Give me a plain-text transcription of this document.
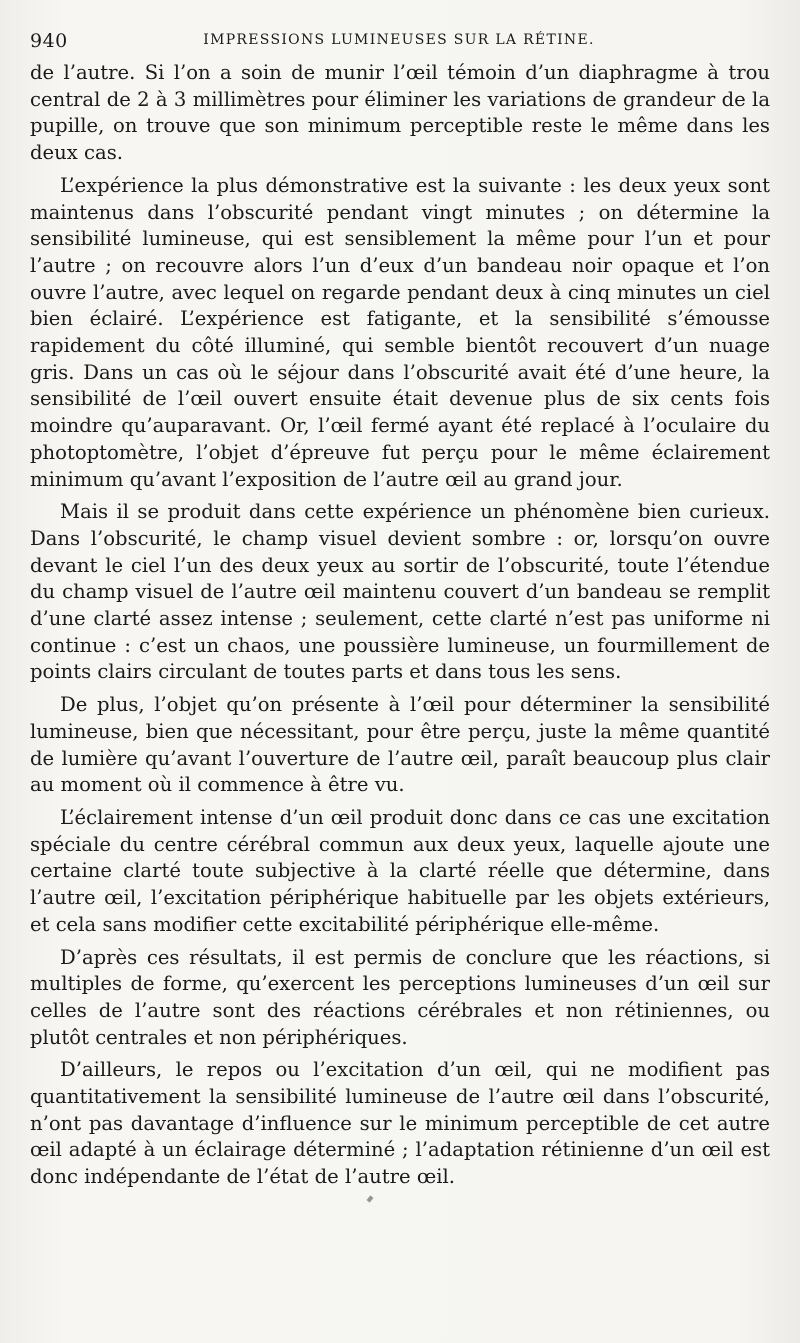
940	IMPRESSIONS LUMINEUSES SUR LA RÉTINE.

de l’autre. Si l’on a soin de munir l’œil témoin d’un diaphragme à trou central de 2 à 3 millimètres pour éliminer les variations de grandeur de la pupille, on trouve que son minimum perceptible reste le même dans les deux cas.

L’expérience la plus démonstrative est la suivante : les deux yeux sont maintenus dans l’obscurité pendant vingt minutes ; on détermine la sensibilité lumineuse, qui est sensiblement la même pour l’un et pour l’autre ; on recouvre alors l’un d’eux d’un bandeau noir opaque et l’on ouvre l’autre, avec lequel on regarde pendant deux à cinq minutes un ciel bien éclairé. L’expérience est fatigante, et la sensibilité s’émousse rapidement du côté illuminé, qui semble bientôt recouvert d’un nuage gris. Dans un cas où le séjour dans l’obscurité avait été d’une heure, la sensibilité de l’œil ouvert ensuite était devenue plus de six cents fois moindre qu’auparavant. Or, l’œil fermé ayant été replacé à l’oculaire du photoptomètre, l’objet d’épreuve fut perçu pour le même éclairement minimum qu’avant l’exposition de l’autre œil au grand jour.

Mais il se produit dans cette expérience un phénomène bien curieux. Dans l’obscurité, le champ visuel devient sombre : or, lorsqu’on ouvre devant le ciel l’un des deux yeux au sortir de l’obscurité, toute l’étendue du champ visuel de l’autre œil maintenu couvert d’un bandeau se remplit d’une clarté assez intense ; seulement, cette clarté n’est pas uniforme ni continue : c’est un chaos, une poussière lumineuse, un fourmillement de points clairs circulant de toutes parts et dans tous les sens.

De plus, l’objet qu’on présente à l’œil pour déterminer la sensibilité lumineuse, bien que nécessitant, pour être perçu, juste la même quantité de lumière qu’avant l’ouverture de l’autre œil, paraît beaucoup plus clair au moment où il commence à être vu.

L’éclairement intense d’un œil produit donc dans ce cas une excitation spéciale du centre cérébral commun aux deux yeux, laquelle ajoute une certaine clarté toute subjective à la clarté réelle que détermine, dans l’autre œil, l’excitation périphérique habituelle par les objets extérieurs, et cela sans modifier cette excitabilité périphérique elle-même.

D’après ces résultats, il est permis de conclure que les réactions, si multiples de forme, qu’exercent les perceptions lumineuses d’un œil sur celles de l’autre sont des réactions cérébrales et non rétiniennes, ou plutôt centrales et non périphériques.

D’ailleurs, le repos ou l’excitation d’un œil, qui ne modifient pas quantitativement la sensibilité lumineuse de l’autre œil dans l’obscurité, n’ont pas davantage d’influence sur le minimum perceptible de cet autre œil adapté à un éclairage déterminé ; l’adaptation rétinienne d’un œil est donc indépendante de l’état de l’autre œil.
